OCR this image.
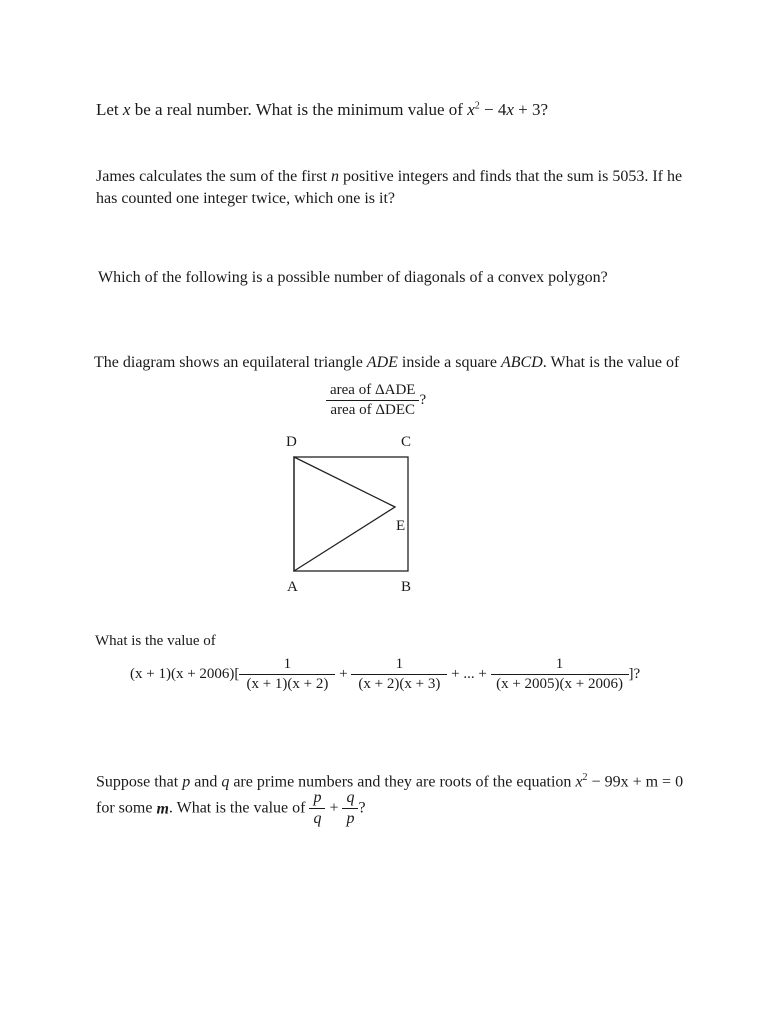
Let x be a real number. What is the minimum value of $x^2 - 4x + 3$?
James calculates the sum of the first n positive integers and finds that the sum is 5053. If he
has counted one integer twice, which one is it?
Which of the following is a possible number of diagonals of a convex polygon?
The diagram shows an equilateral triangle ADE inside a square ABCD. What is the value of
$\frac{\text{area of ΔADE}}{\text{area of ΔDEC}}$ ?
D	C
E
A	B
What is the value of
$(x + 1)(x + 2006)[ \frac{1}{(x + 1)(x + 2)} + \frac{1}{(x + 2)(x + 3)}$ + ... + $\frac{1}{(x + 2005)(x + 2006)}$ ]?
Suppose that p and q are prime numbers and they are roots of the equation $x^2 - 99x + m = 0$
for some m. What is the value of $\frac{p}{q} + \frac{q}{p}$ ?
